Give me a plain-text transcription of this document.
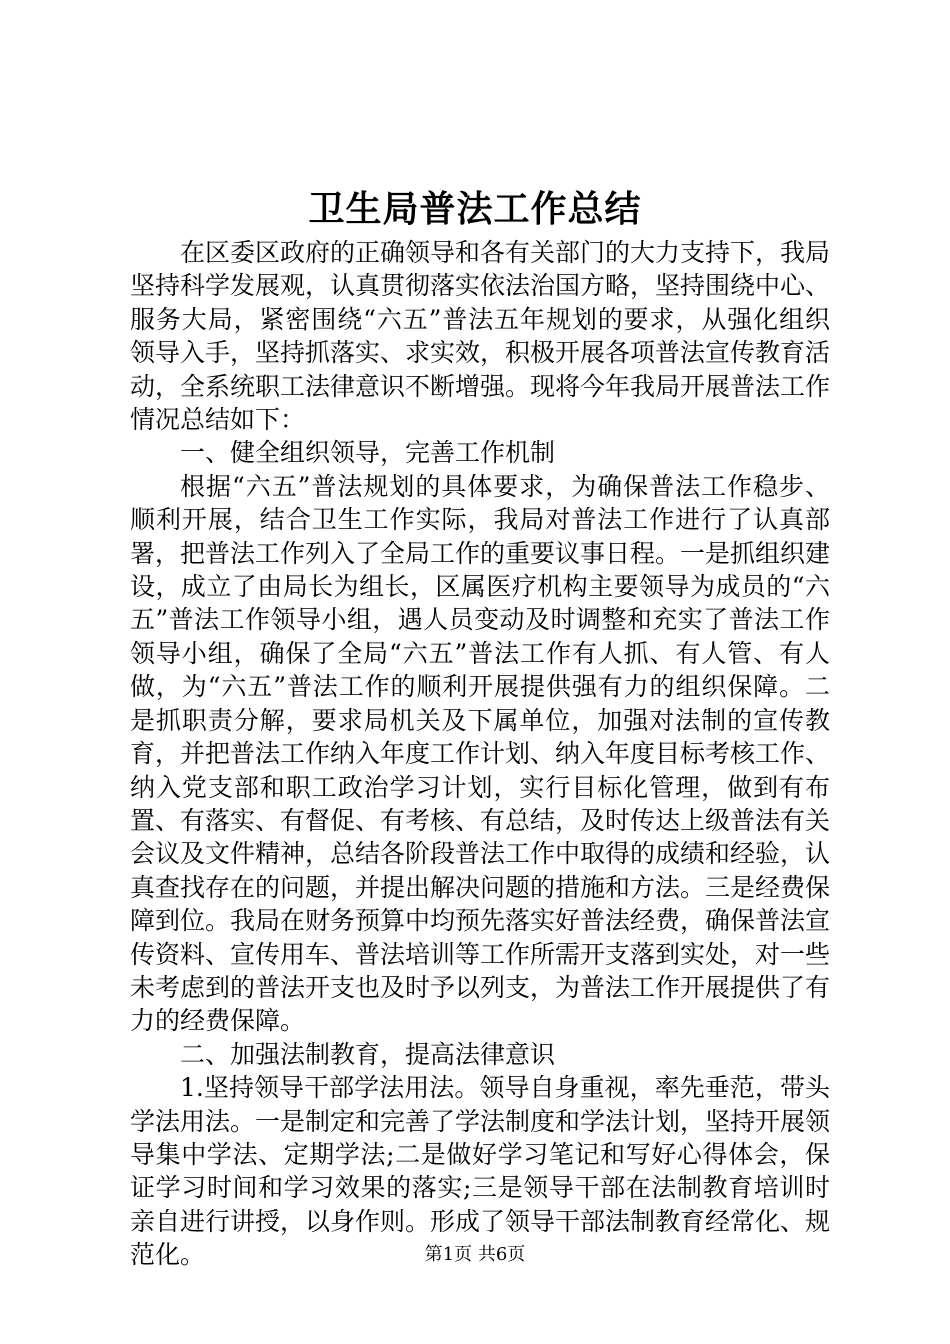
卫生局普法工作总结

在区委区政府的正确领导和各有关部门的大力支持下，我局坚持科学发展观，认真贯彻落实依法治国方略，坚持围绕中心、服务大局，紧密围绕“六五”普法五年规划的要求，从强化组织领导入手，坚持抓落实、求实效，积极开展各项普法宣传教育活动，全系统职工法律意识不断增强。现将今年我局开展普法工作情况总结如下：

一、健全组织领导，完善工作机制

根据“六五”普法规划的具体要求，为确保普法工作稳步、顺利开展，结合卫生工作实际，我局对普法工作进行了认真部署，把普法工作列入了全局工作的重要议事日程。一是抓组织建设，成立了由局长为组长，区属医疗机构主要领导为成员的“六五”普法工作领导小组，遇人员变动及时调整和充实了普法工作领导小组，确保了全局“六五”普法工作有人抓、有人管、有人做，为“六五”普法工作的顺利开展提供强有力的组织保障。二是抓职责分解，要求局机关及下属单位，加强对法制的宣传教育，并把普法工作纳入年度工作计划、纳入年度目标考核工作、纳入党支部和职工政治学习计划，实行目标化管理，做到有布置、有落实、有督促、有考核、有总结，及时传达上级普法有关会议及文件精神，总结各阶段普法工作中取得的成绩和经验，认真查找存在的问题，并提出解决问题的措施和方法。三是经费保障到位。我局在财务预算中均预先落实好普法经费，确保普法宣传资料、宣传用车、普法培训等工作所需开支落到实处，对一些未考虑到的普法开支也及时予以列支，为普法工作开展提供了有力的经费保障。

二、加强法制教育，提高法律意识

1.坚持领导干部学法用法。领导自身重视，率先垂范，带头学法用法。一是制定和完善了学法制度和学法计划，坚持开展领导集中学法、定期学法;二是做好学习笔记和写好心得体会，保证学习时间和学习效果的落实;三是领导干部在法制教育培训时亲自进行讲授，以身作则。形成了领导干部法制教育经常化、规范化。	第1页 共6页
